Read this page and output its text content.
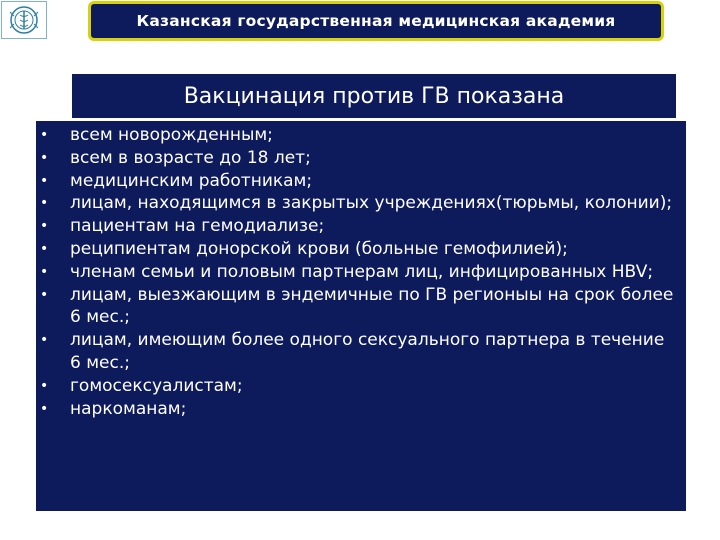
Казанская государственная медицинская академия
Вакцинация против ГВ показана
• всем новорожденным;
• всем в возрасте до 18 лет;
• медицинским работникам;
• лицам, находящимся в закрытых учреждениях(тюрьмы, колонии);
• пациентам на гемодиализе;
• реципиентам донорской крови (больные гемофилией);
• членам семьи и половым партнерам лиц, инфицированных HBV;
• лицам, выезжающим в эндемичные по ГВ регионыы на срок более 6 мес.;
• лицам, имеющим более одного сексуального партнера в течение 6 мес.;
• гомосексуалистам;
• наркоманам;
